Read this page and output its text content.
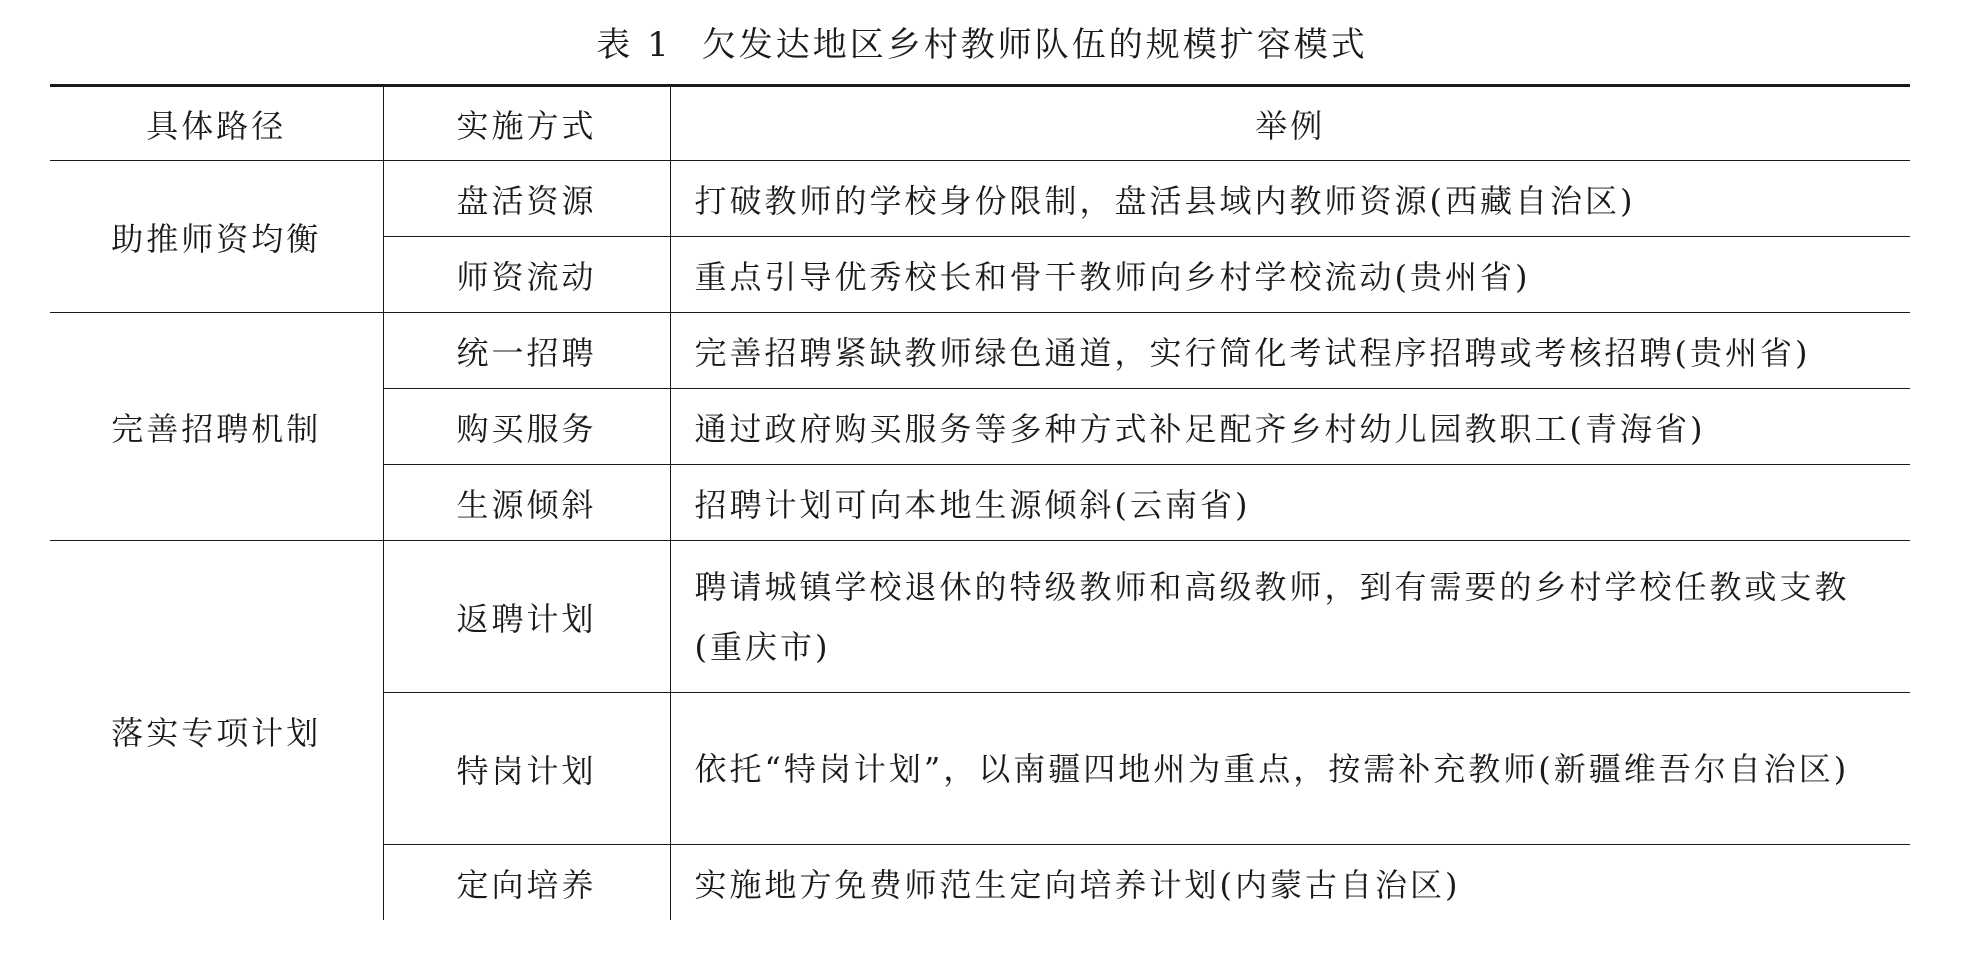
表 1 欠发达地区乡村教师队伍的规模扩容模式
具体路径	实施方式	举例
助推师资均衡	盘活资源	打破教师的学校身份限制，盘活县域内教师资源(西藏自治区)
	师资流动	重点引导优秀校长和骨干教师向乡村学校流动(贵州省)
完善招聘机制	统一招聘	完善招聘紧缺教师绿色通道，实行简化考试程序招聘或考核招聘(贵州省)
	购买服务	通过政府购买服务等多种方式补足配齐乡村幼儿园教职工(青海省)
	生源倾斜	招聘计划可向本地生源倾斜(云南省)
落实专项计划	返聘计划	聘请城镇学校退休的特级教师和高级教师，到有需要的乡村学校任教或支教(重庆市)
	特岗计划	依托“特岗计划”，以南疆四地州为重点，按需补充教师(新疆维吾尔自治区)
	定向培养	实施地方免费师范生定向培养计划(内蒙古自治区)
